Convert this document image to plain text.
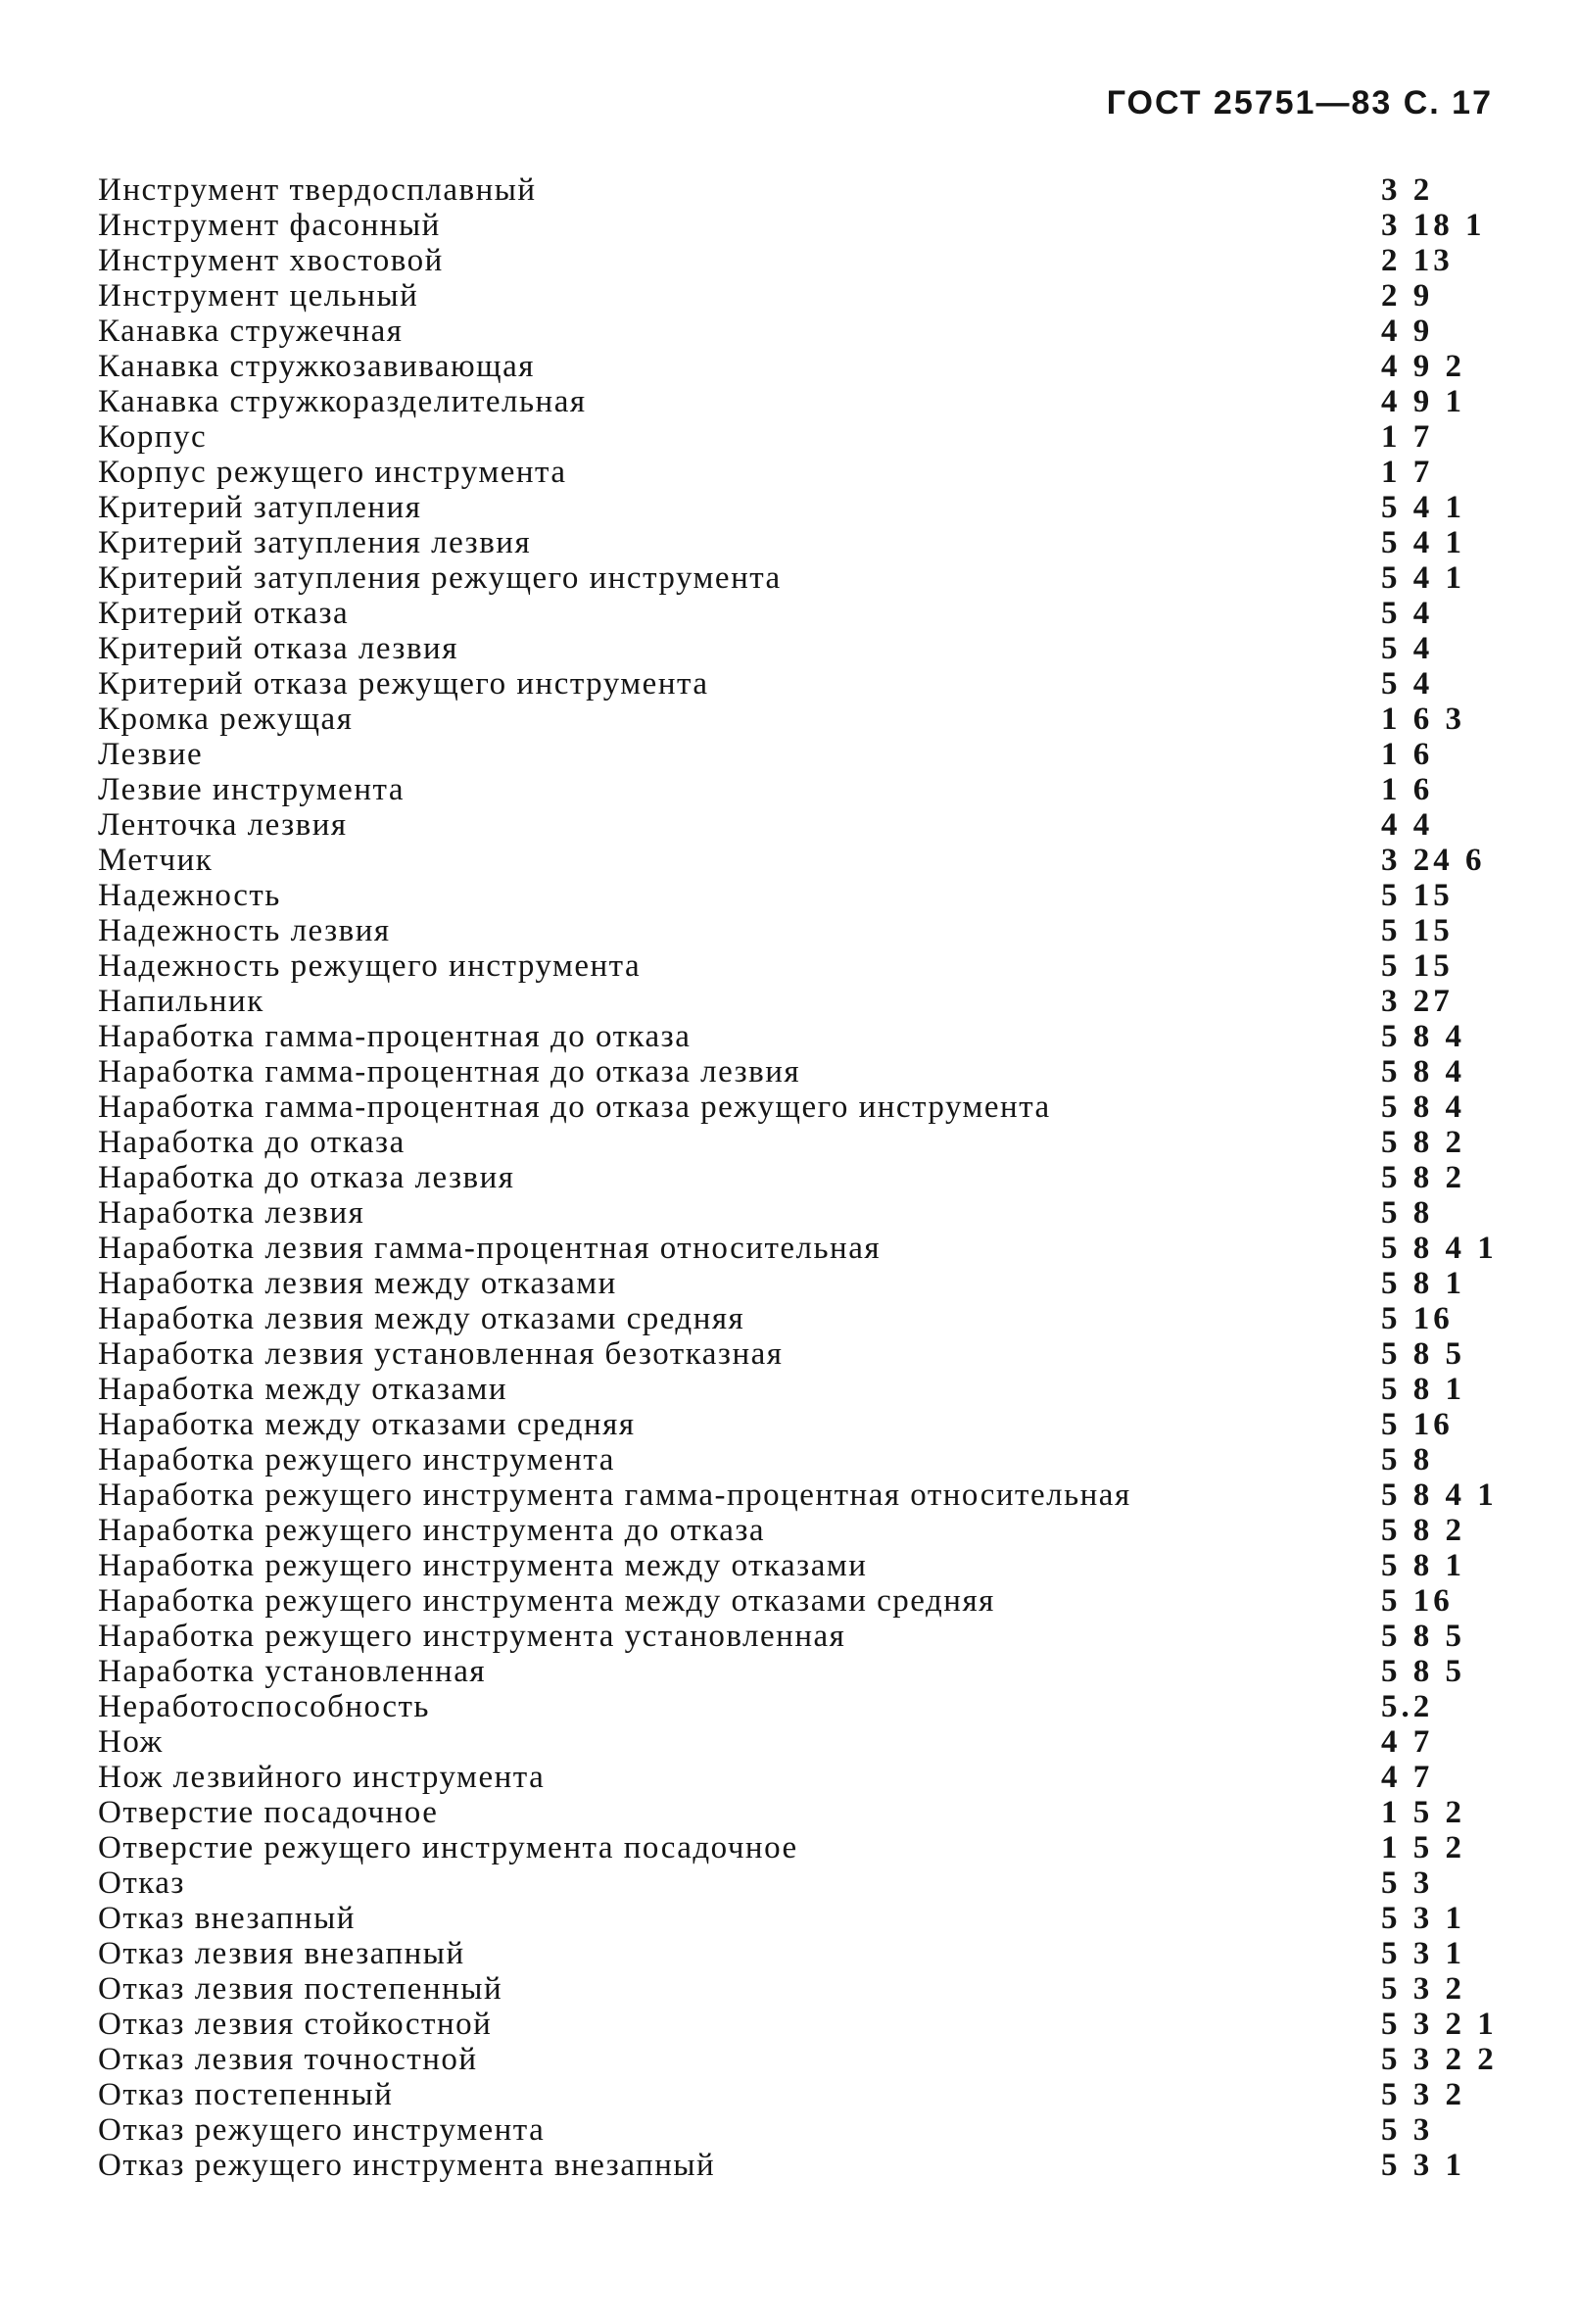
ГОСТ 25751—83 С. 17
Инструмент твердосплавный	3 2
Инструмент фасонный	3 18 1
Инструмент хвостовой	2 13
Инструмент цельный	2 9
Канавка стружечная	4 9
Канавка стружкозавивающая	4 9 2
Канавка стружкоразделительная	4 9 1
Корпус	1 7
Корпус режущего инструмента	1 7
Критерий затупления	5 4 1
Критерий затупления лезвия	5 4 1
Критерий затупления режущего инструмента	5 4 1
Критерий отказа	5 4
Критерий отказа лезвия	5 4
Критерий отказа режущего инструмента	5 4
Кромка режущая	1 6 3
Лезвие	1 6
Лезвие инструмента	1 6
Ленточка лезвия	4 4
Метчик	3 24 6
Надежность	5 15
Надежность лезвия	5 15
Надежность режущего инструмента	5 15
Напильник	3 27
Наработка гамма-процентная до отказа	5 8 4
Наработка гамма-процентная до отказа лезвия	5 8 4
Наработка гамма-процентная до отказа режущего инструмента	5 8 4
Наработка до отказа	5 8 2
Наработка до отказа лезвия	5 8 2
Наработка лезвия	5 8
Наработка лезвия гамма-процентная относительная	5 8 4 1
Наработка лезвия между отказами	5 8 1
Наработка лезвия между отказами средняя	5 16
Наработка лезвия установленная безотказная	5 8 5
Наработка между отказами	5 8 1
Наработка между отказами средняя	5 16
Наработка режущего инструмента	5 8
Наработка режущего инструмента гамма-процентная относительная	5 8 4 1
Наработка режущего инструмента до отказа	5 8 2
Наработка режущего инструмента между отказами	5 8 1
Наработка режущего инструмента между отказами средняя	5 16
Наработка режущего инструмента установленная	5 8 5
Наработка установленная	5 8 5
Неработоспособность	5.2
Нож	4 7
Нож лезвийного инструмента	4 7
Отверстие посадочное	1 5 2
Отверстие режущего инструмента посадочное	1 5 2
Отказ	5 3
Отказ внезапный	5 3 1
Отказ лезвия внезапный	5 3 1
Отказ лезвия постепенный	5 3 2
Отказ лезвия стойкостной	5 3 2 1
Отказ лезвия точностной	5 3 2 2
Отказ постепенный	5 3 2
Отказ режущего инструмента	5 3
Отказ режущего инструмента внезапный	5 3 1
